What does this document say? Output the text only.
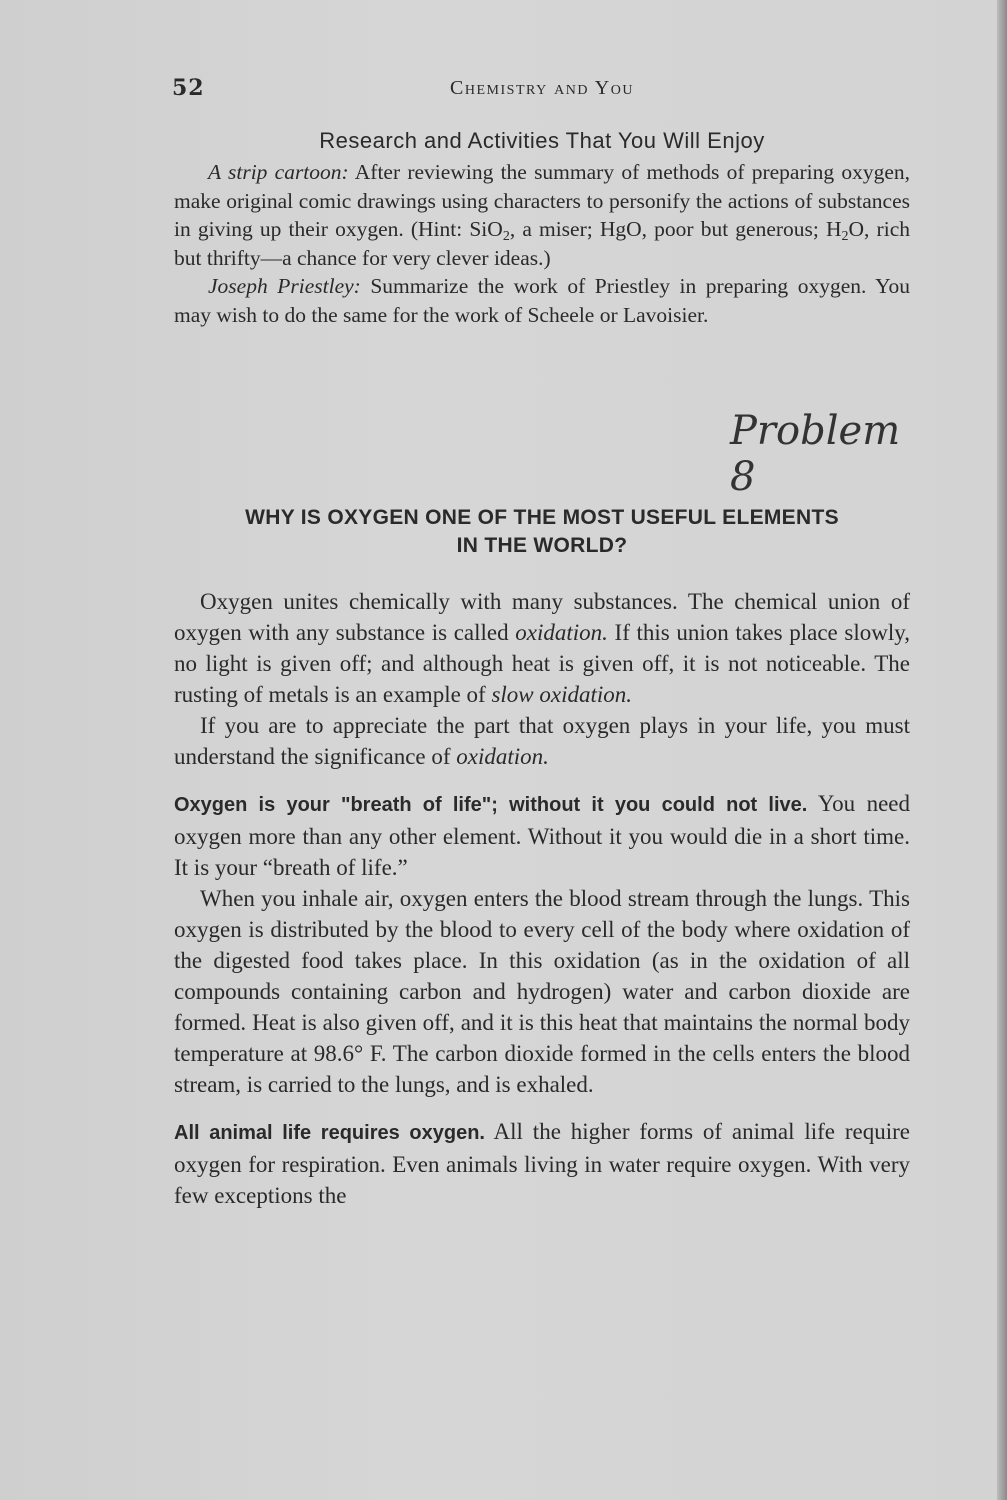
52	Chemistry and You
Research and Activities That You Will Enjoy

A strip cartoon: After reviewing the summary of methods of preparing oxygen, make original comic drawings using characters to personify the actions of substances in giving up their oxygen. (Hint: SiO$_2$, a miser; HgO, poor but generous; $H_2O$, rich but thrifty—a chance for very clever ideas.)

Joseph Priestley: Summarize the work of Priestley in preparing oxygen. You may wish to do the same for the work of Scheele or Lavoisier.

Problem 8
WHY IS OXYGEN ONE OF THE MOST USEFUL ELEMENTS
IN THE WORLD?

Oxygen unites chemically with many substances. The chemical union of oxygen with any substance is called oxidation. If this union takes place slowly, no light is given off; and although heat is given off, it is not noticeable. The rusting of metals is an example of slow oxidation.

If you are to appreciate the part that oxygen plays in your life, you must understand the significance of oxidation.

Oxygen is your "breath of life"; without it you could not live. You need oxygen more than any other element. Without it you would die in a short time. It is your “breath of life.”

When you inhale air, oxygen enters the blood stream through the lungs. This oxygen is distributed by the blood to every cell of the body where oxidation of the digested food takes place. In this oxidation (as in the oxidation of all compounds containing carbon and hydrogen) water and carbon dioxide are formed. Heat is also given off, and it is this heat that maintains the normal body temperature at 98.6° F. The carbon dioxide formed in the cells enters the blood stream, is carried to the lungs, and is exhaled.

All animal life requires oxygen. All the higher forms of animal life require oxygen for respiration. Even animals living in water require oxygen. With very few exceptions the
